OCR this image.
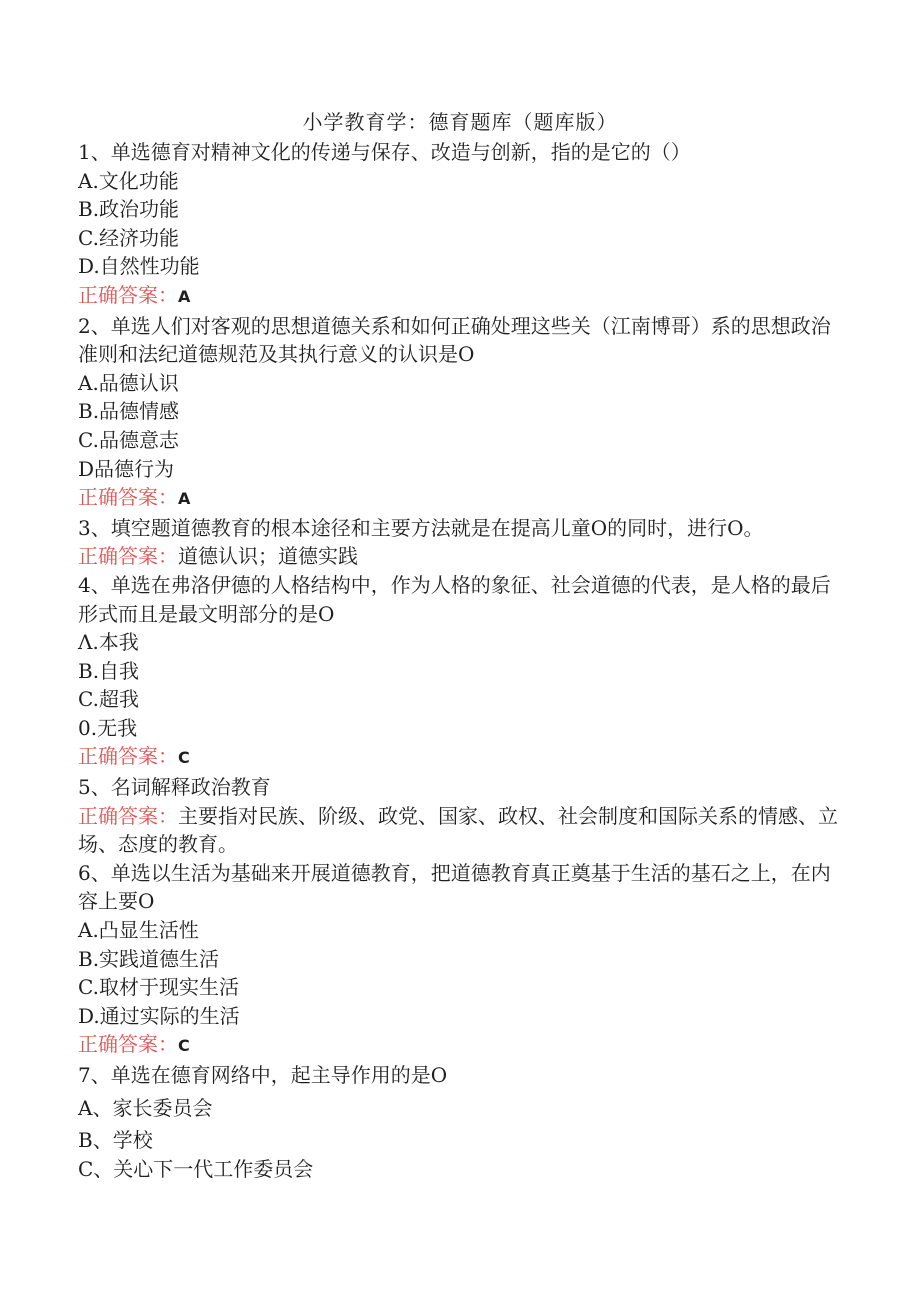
小学教育学：德育题库（题库版）
1、单选德育对精神文化的传递与保存、改造与创新，指的是它的（）
A.文化功能
B.政治功能
C.经济功能
D.自然性功能
正确答案：A
2、单选人们对客观的思想道德关系和如何正确处理这些关（江南博哥）系的思想政治准则和法纪道德规范及其执行意义的认识是O
A.品德认识
B.品德情感
C.品德意志
D品德行为
正确答案：A
3、填空题道德教育的根本途径和主要方法就是在提高儿童O的同时，进行O。
正确答案：道德认识；道德实践
4、单选在弗洛伊德的人格结构中，作为人格的象征、社会道德的代表，是人格的最后形式而且是最文明部分的是O
Λ.本我
B.自我
C.超我
0.无我
正确答案：C
5、名词解释政治教育
正确答案：主要指对民族、阶级、政党、国家、政权、社会制度和国际关系的情感、立场、态度的教育。
6、单选以生活为基础来开展道德教育，把道德教育真正奠基于生活的基石之上，在内容上要O
A.凸显生活性
B.实践道德生活
C.取材于现实生活
D.通过实际的生活
正确答案：C
7、单选在德育网络中，起主导作用的是O
A、家长委员会
B、学校
C、关心下一代工作委员会
